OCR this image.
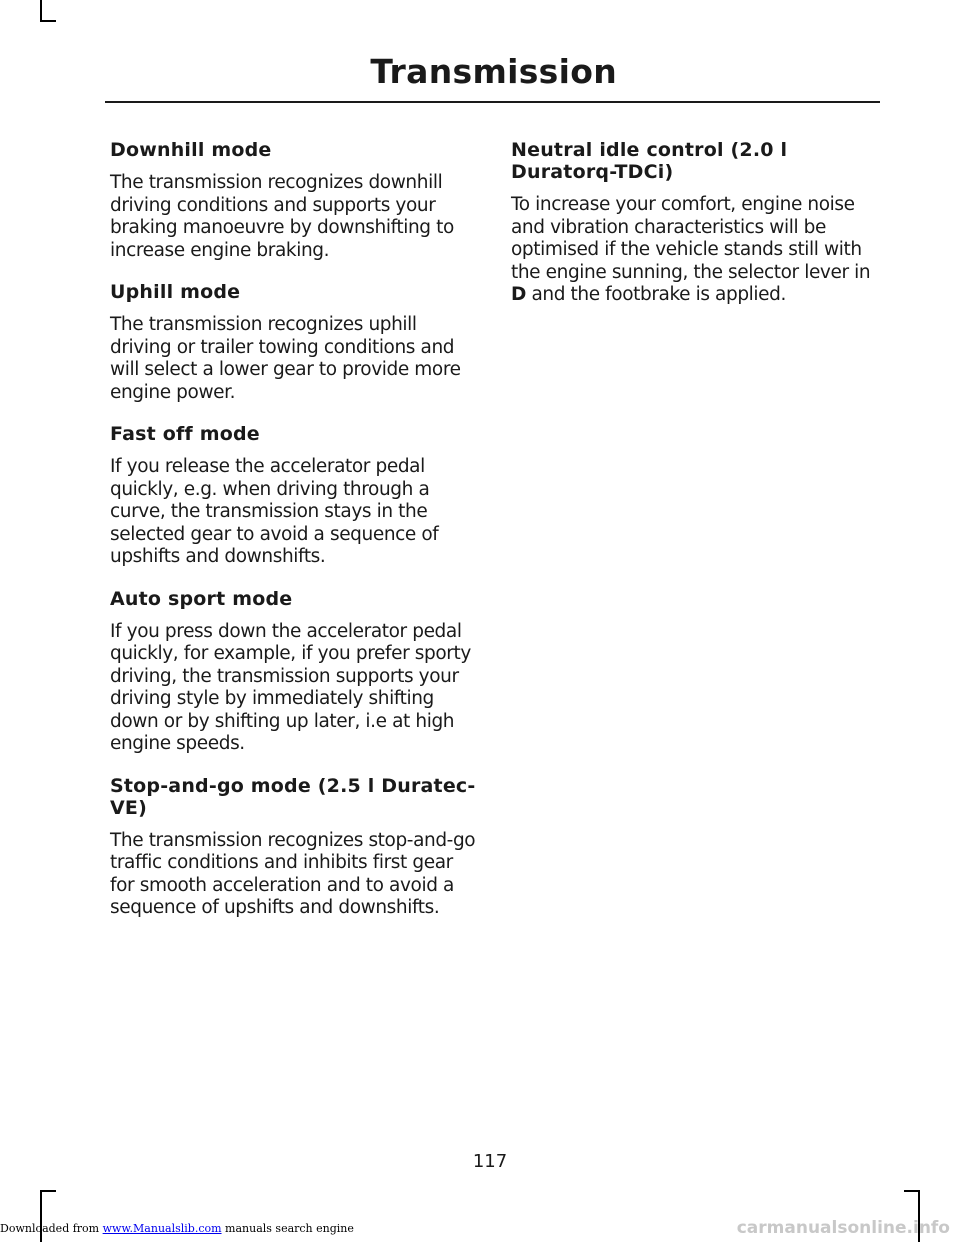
Transmission
Downhill mode

The transmission recognizes downhill driving conditions and supports your braking manoeuvre by downshifting to increase engine braking.

Uphill mode

The transmission recognizes uphill driving or trailer towing conditions and will select a lower gear to provide more engine power.

Fast off mode

If you release the accelerator pedal quickly, e.g. when driving through a curve, the transmission stays in the selected gear to avoid a sequence of upshifts and downshifts.

Auto sport mode

If you press down the accelerator pedal quickly, for example, if you prefer sporty driving, the transmission supports your driving style by immediately shifting down or by shifting up later, i.e at high engine speeds.

Stop-and-go mode (2.5 l Duratec-VE)

The transmission recognizes stop-and-go traffic conditions and inhibits first gear for smooth acceleration and to avoid a sequence of upshifts and downshifts.

Neutral idle control (2.0 l Duratorq-TDCi)

To increase your comfort, engine noise and vibration characteristics will be optimised if the vehicle stands still with the engine sunning, the selector lever in D and the footbrake is applied.

117
Downloaded from www.Manualslib.com manuals search engine	carmanualsonline.info
